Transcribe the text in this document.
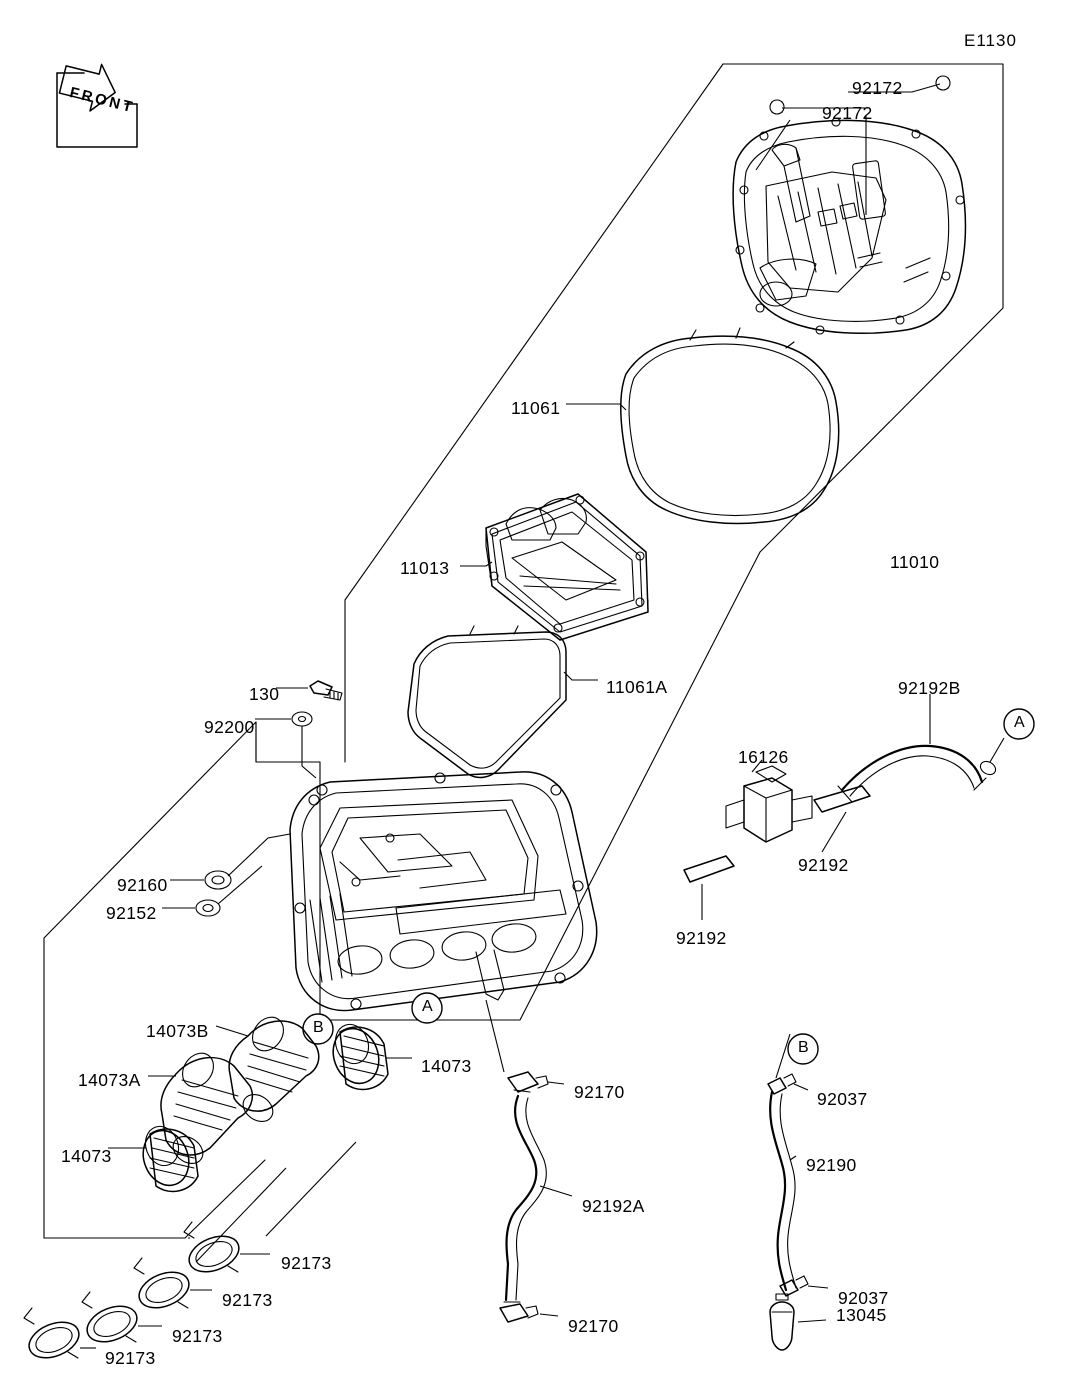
E1130
FRONT	92172
92172
11061
11010
11013
11061A
130
92200
92192B
16126
92192
92192
92160
92152
14073B
14073
14073A
14073
92170	92037
92190
92192A
92173
92173	92037
92170
13045
92173
92173
A
A
B
B
